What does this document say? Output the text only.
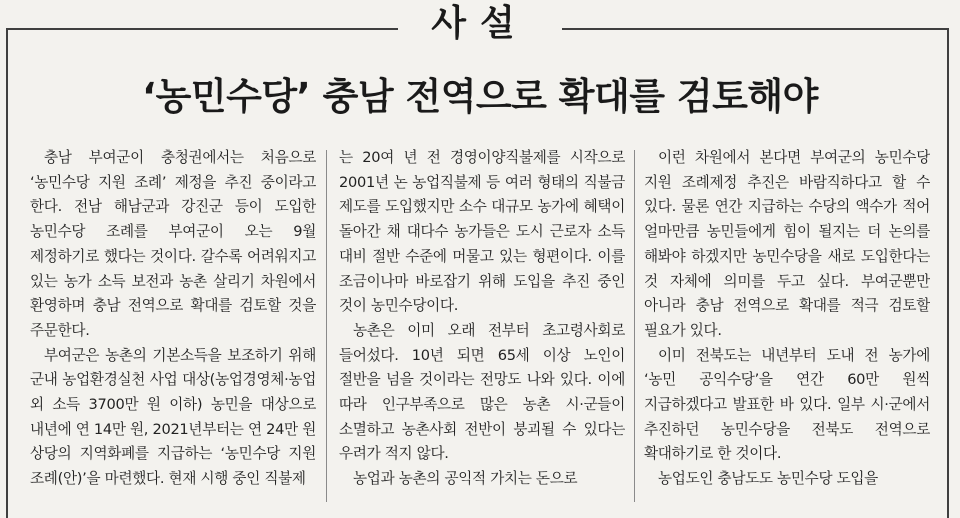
사설
‘농민수당’ 충남 전역으로 확대를 검토해야

충남 부여군이 충청권에서는 처음으로 ‘농민수당 지원 조례’ 제정을 추진 중이라고 한다. 전남 해남군과 강진군 등이 도입한 농민수당 조례를 부여군이 오는 9월 제정하기로 했다는 것이다. 갈수록 어려워지고 있는 농가 소득 보전과 농촌 살리기 차원에서 환영하며 충남 전역으로 확대를 검토할 것을 주문한다.

부여군은 농촌의 기본소득을 보조하기 위해 군내 농업환경실천 사업 대상(농업경영체·농업 외 소득 3700만 원 이하) 농민을 대상으로 내년에 연 14만 원, 2021년부터는 연 24만 원 상당의 지역화폐를 지급하는 ‘농민수당 지원 조례(안)’을 마련했다. 현재 시행 중인 직불제

는 20여 년 전 경영이양직불제를 시작으로 2001년 논 농업직불제 등 여러 형태의 직불금 제도를 도입했지만 소수 대규모 농가에 혜택이 돌아간 채 대다수 농가들은 도시 근로자 소득 대비 절반 수준에 머물고 있는 형편이다. 이를 조금이나마 바로잡기 위해 도입을 추진 중인 것이 농민수당이다.

농촌은 이미 오래 전부터 초고령사회로 들어섰다. 10년 되면 65세 이상 노인이 절반을 넘을 것이라는 전망도 나와 있다. 이에 따라 인구부족으로 많은 농촌 시·군들이 소멸하고 농촌사회 전반이 붕괴될 수 있다는 우려가 적지 않다.

농업과 농촌의 공익적 가치는 돈으로

이런 차원에서 본다면 부여군의 농민수당 지원 조례제정 추진은 바람직하다고 할 수 있다. 물론 연간 지급하는 수당의 액수가 적어 얼마만큼 농민들에게 힘이 될지는 더 논의를 해봐야 하겠지만 농민수당을 새로 도입한다는 것 자체에 의미를 두고 싶다. 부여군뿐만 아니라 충남 전역으로 확대를 적극 검토할 필요가 있다.

이미 전북도는 내년부터 도내 전 농가에 ‘농민 공익수당’을 연간 60만 원씩 지급하겠다고 발표한 바 있다. 일부 시·군에서 추진하던 농민수당을 전북도 전역으로 확대하기로 한 것이다.

농업도인 충남도도 농민수당 도입을
